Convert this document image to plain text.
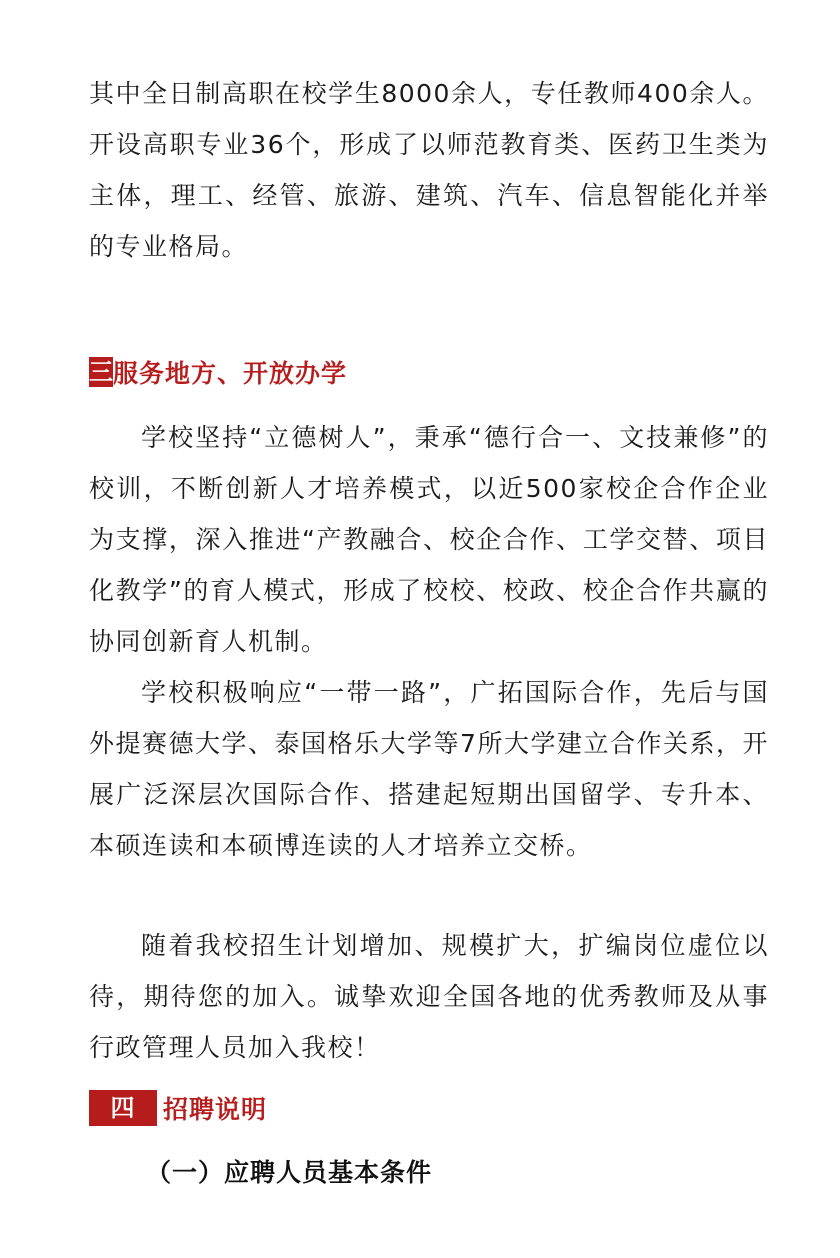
其中全日制高职在校学生8000余人，专任教师400余人。开设高职专业36个，形成了以师范教育类、医药卫生类为主体，理工、经管、旅游、建筑、汽车、信息智能化并举的专业格局。

三 服务地方、开放办学

学校坚持“立德树人”，秉承“德行合一、文技兼修”的校训，不断创新人才培养模式，以近500家校企合作企业为支撑，深入推进“产教融合、校企合作、工学交替、项目化教学”的育人模式，形成了校校、校政、校企合作共赢的协同创新育人机制。

学校积极响应“一带一路”，广拓国际合作，先后与国外提赛德大学、泰国格乐大学等7所大学建立合作关系，开展广泛深层次国际合作、搭建起短期出国留学、专升本、本硕连读和本硕博连读的人才培养立交桥。

随着我校招生计划增加、规模扩大，扩编岗位虚位以待，期待您的加入。诚挚欢迎全国各地的优秀教师及从事行政管理人员加入我校！

四	招聘说明
（一）应聘人员基本条件
